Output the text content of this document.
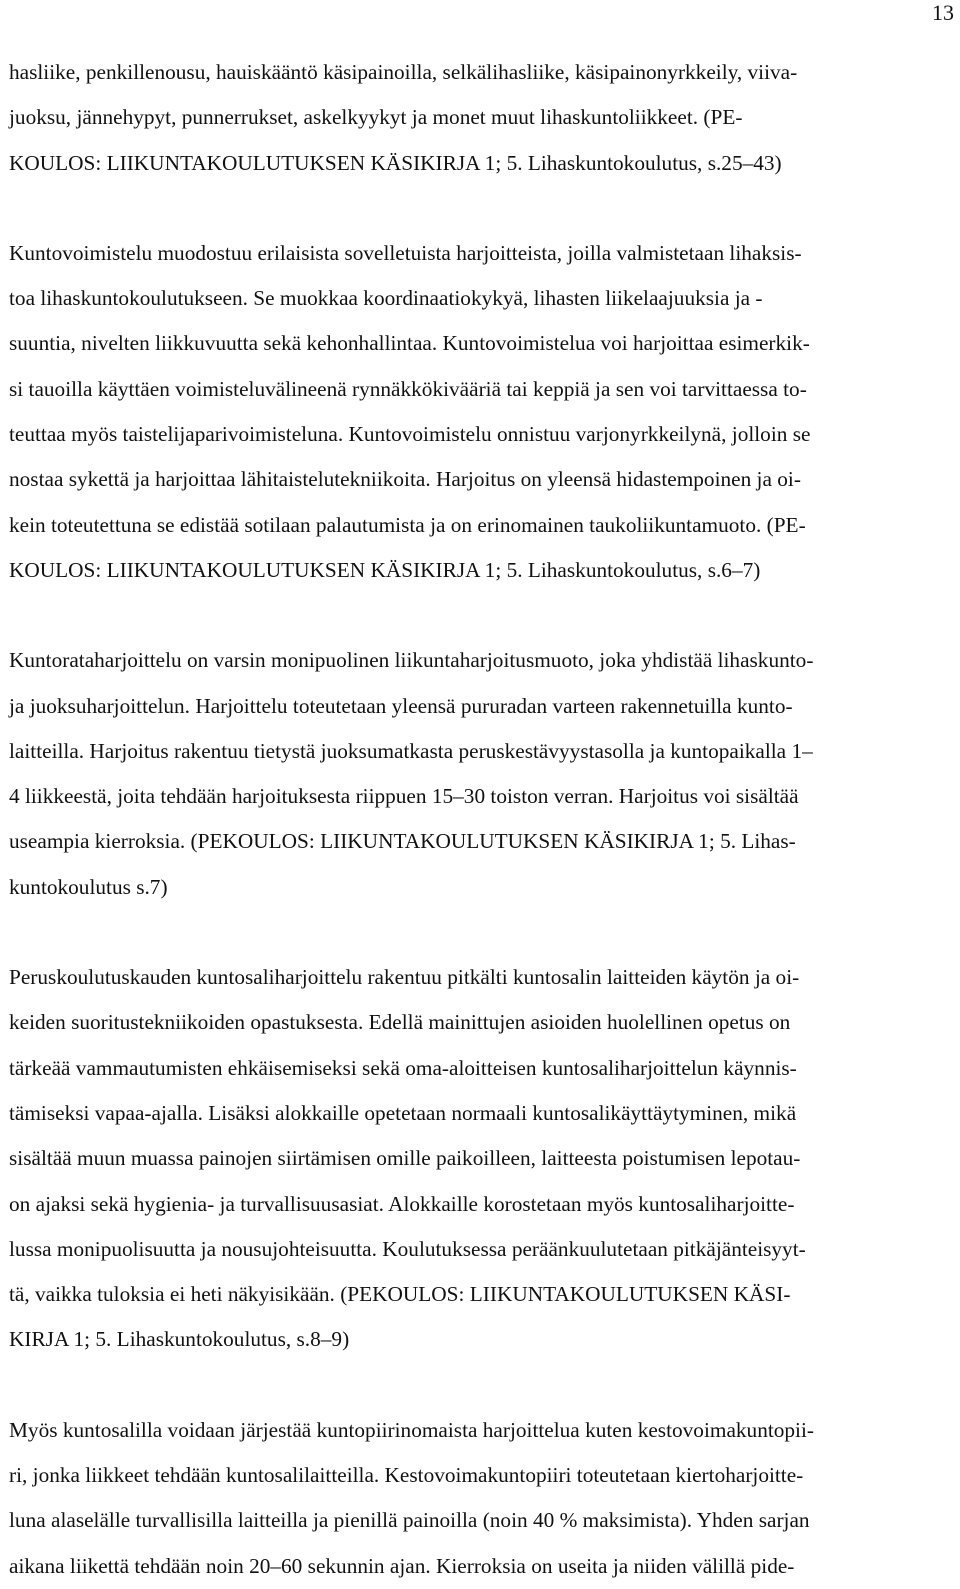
13

hasliike, penkillenousu, hauiskääntö käsipainoilla, selkälihasliike, käsipainonyrkkeily, viiva-
juoksu, jännehypyt, punnerrukset, askelkyykyt ja monet muut lihaskuntoliikkeet. (PE-
KOULOS: LIIKUNTAKOULUTUKSEN KÄSIKIRJA 1; 5. Lihaskuntokoulutus, s.25–43)

Kuntovoimistelu muodostuu erilaisista sovelletuista harjoitteista, joilla valmistetaan lihaksis-
toa lihaskuntokoulutukseen. Se muokkaa koordinaatiokykyä, lihasten liikelaajuuksia ja -
suuntia, nivelten liikkuvuutta sekä kehonhallintaa. Kuntovoimistelua voi harjoittaa esimerkik-
si tauoilla käyttäen voimisteluvälineenä rynnäkkökivääriä tai keppiä ja sen voi tarvittaessa to-
teuttaa myös taistelijaparivoimisteluna. Kuntovoimistelu onnistuu varjonyrkkeilynä, jolloin se
nostaa sykettä ja harjoittaa lähitaistelutekniikoita. Harjoitus on yleensä hidastempoinen ja oi-
kein toteutettuna se edistää sotilaan palautumista ja on erinomainen taukoliikuntamuoto. (PE-
KOULOS: LIIKUNTAKOULUTUKSEN KÄSIKIRJA 1; 5. Lihaskuntokoulutus, s.6–7)

Kuntorataharjoittelu on varsin monipuolinen liikuntaharjoitusmuoto, joka yhdistää lihaskunto-
ja juoksuharjoittelun. Harjoittelu toteutetaan yleensä pururadan varteen rakennetuilla kunto-
laitteilla. Harjoitus rakentuu tietystä juoksumatkasta peruskestävyystasolla ja kuntopaikalla 1–
4 liikkeestä, joita tehdään harjoituksesta riippuen 15–30 toiston verran. Harjoitus voi sisältää
useampia kierroksia. (PEKOULOS: LIIKUNTAKOULUTUKSEN KÄSIKIRJA 1; 5. Lihas-
kuntokoulutus s.7)

Peruskoulutuskauden kuntosaliharjoittelu rakentuu pitkälti kuntosalin laitteiden käytön ja oi-
keiden suoritustekniikoiden opastuksesta. Edellä mainittujen asioiden huolellinen opetus on
tärkeää vammautumisten ehkäisemiseksi sekä oma-aloitteisen kuntosaliharjoittelun käynnis-
tämiseksi vapaa-ajalla. Lisäksi alokkaille opetetaan normaali kuntosalikäyttäytyminen, mikä
sisältää muun muassa painojen siirtämisen omille paikoilleen, laitteesta poistumisen lepotau-
on ajaksi sekä hygienia- ja turvallisuusasiat. Alokkaille korostetaan myös kuntosaliharjoitte-
lussa monipuolisuutta ja nousujohteisuutta. Koulutuksessa peräänkuulutetaan pitkäjänteisyyt-
tä, vaikka tuloksia ei heti näkyisikään. (PEKOULOS: LIIKUNTAKOULUTUKSEN KÄSI-
KIRJA 1; 5. Lihaskuntokoulutus, s.8–9)

Myös kuntosalilla voidaan järjestää kuntopiirinomaista harjoittelua kuten kestovoimakuntopii-
ri, jonka liikkeet tehdään kuntosalilaitteilla. Kestovoimakuntopiiri toteutetaan kiertoharjoitte-
luna alaselälle turvallisilla laitteilla ja pienillä painoilla (noin 40 % maksimista). Yhden sarjan
aikana liikettä tehdään noin 20–60 sekunnin ajan. Kierroksia on useita ja niiden välillä pide-
